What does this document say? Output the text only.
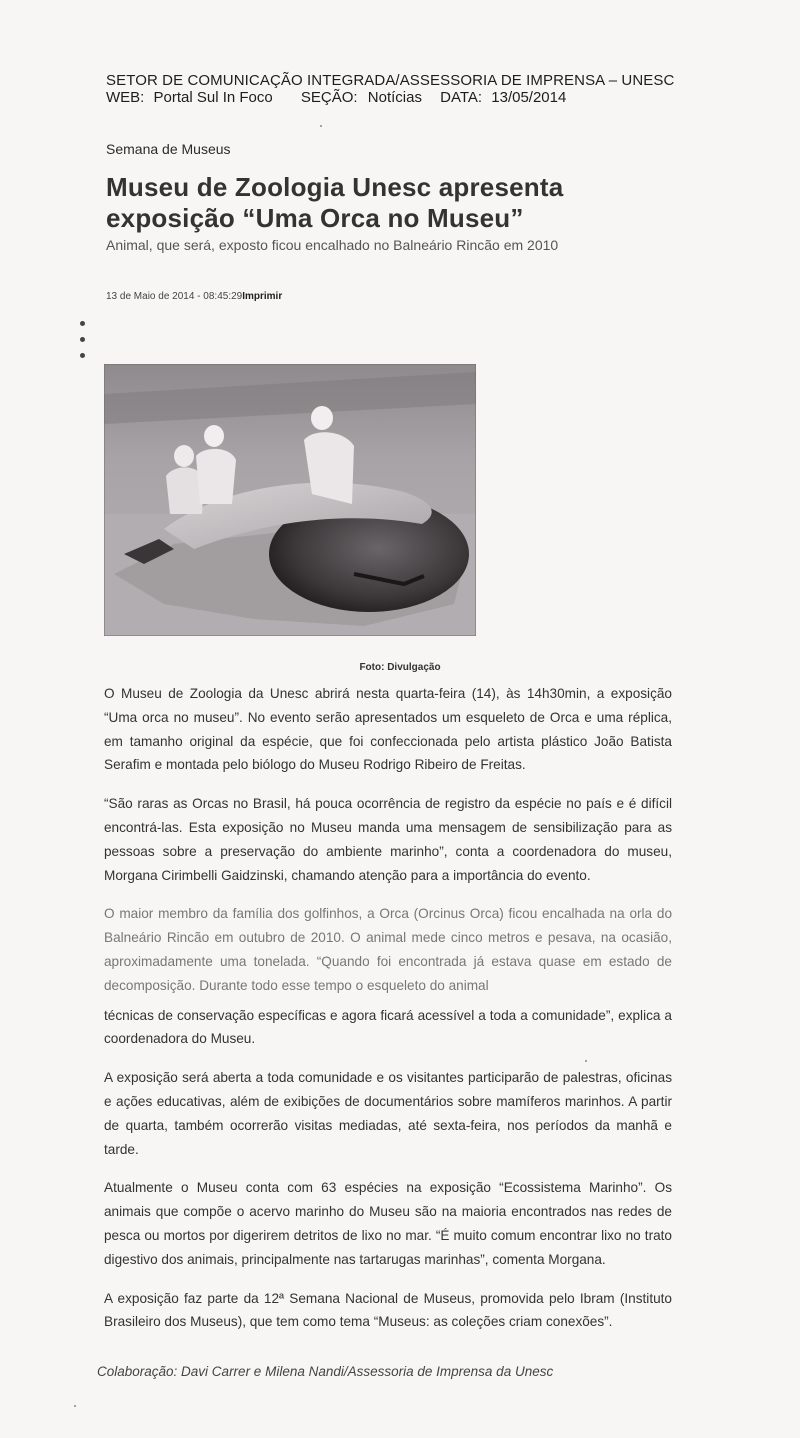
SETOR DE COMUNICAÇÃO INTEGRADA/ASSESSORIA DE IMPRENSA – UNESC
WEB: Portal Sul In Foco SEÇÃO: Notícias DATA: 13/05/2014
Semana de Museus
Museu de Zoologia Unesc apresenta exposição “Uma Orca no Museu”
Animal, que será, exposto ficou encalhado no Balneário Rincão em 2010
13 de Maio de 2014 - 08:45:29Imprimir
Foto: Divulgação

O Museu de Zoologia da Unesc abrirá nesta quarta-feira (14), às 14h30min, a exposição “Uma orca no museu”. No evento serão apresentados um esqueleto de Orca e uma réplica, em tamanho original da espécie, que foi confeccionada pelo artista plástico João Batista Serafim e montada pelo biólogo do Museu Rodrigo Ribeiro de Freitas.

“São raras as Orcas no Brasil, há pouca ocorrência de registro da espécie no país e é difícil encontrá-las. Esta exposição no Museu manda uma mensagem de sensibilização para as pessoas sobre a preservação do ambiente marinho”, conta a coordenadora do museu, Morgana Cirimbelli Gaidzinski, chamando atenção para a importância do evento.

O maior membro da família dos golfinhos, a Orca (Orcinus Orca) ficou encalhada na orla do Balneário Rincão em outubro de 2010. O animal mede cinco metros e pesava, na ocasião, aproximadamente uma tonelada. “Quando foi encontrada já estava quase em estado de decomposição. Durante todo esse tempo o esqueleto do animal

técnicas de conservação específicas e agora ficará acessível a toda a comunidade”, explica a coordenadora do Museu.

A exposição será aberta a toda comunidade e os visitantes participarão de palestras, oficinas e ações educativas, além de exibições de documentários sobre mamíferos marinhos. A partir de quarta, também ocorrerão visitas mediadas, até sexta-feira, nos períodos da manhã e tarde.

Atualmente o Museu conta com 63 espécies na exposição “Ecossistema Marinho”. Os animais que compõe o acervo marinho do Museu são na maioria encontrados nas redes de pesca ou mortos por digerirem detritos de lixo no mar. “É muito comum encontrar lixo no trato digestivo dos animais, principalmente nas tartarugas marinhas”, comenta Morgana.

A exposição faz parte da 12ª Semana Nacional de Museus, promovida pelo Ibram (Instituto Brasileiro dos Museus), que tem como tema “Museus: as coleções criam conexões”.

Colaboração: Davi Carrer e Milena Nandi/Assessoria de Imprensa da Unesc
